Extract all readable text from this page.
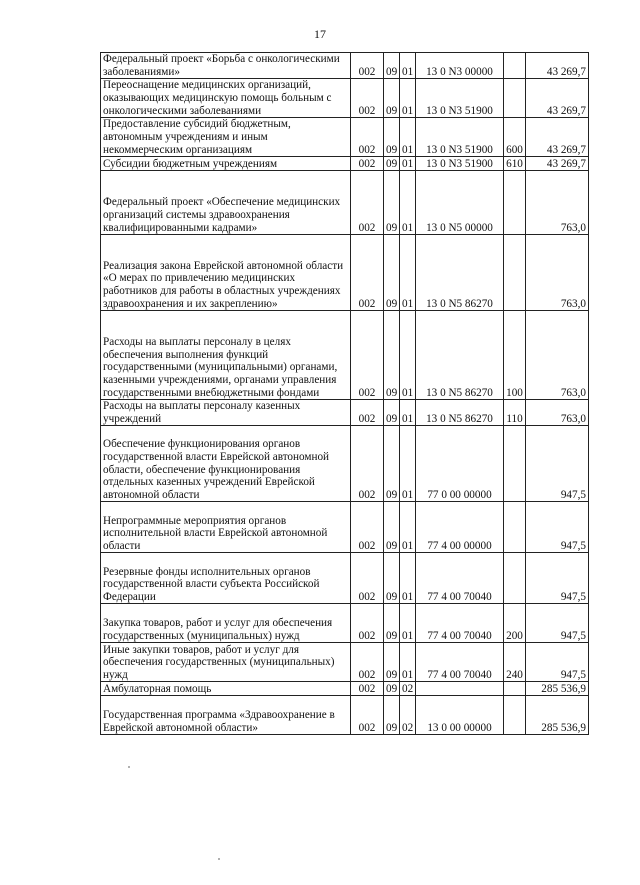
17
Федеральный проект «Борьба с онкологическими заболеваниями»	002	09	01	13 0 N3 00000		43 269,7
Переоснащение медицинских организаций, оказывающих медицинскую помощь больным с онкологическими заболеваниями	002	09	01	13 0 N3 51900		43 269,7
Предоставление субсидий бюджетным, автономным учреждениям и иным некоммерческим организациям	002	09	01	13 0 N3 51900	600	43 269,7
Субсидии бюджетным учреждениям	002	09	01	13 0 N3 51900	610	43 269,7
Федеральный проект «Обеспечение медицинских организаций системы здравоохранения квалифицированными кадрами»	002	09	01	13 0 N5 00000		763,0
Реализация закона Еврейской автономной области «О мерах по привлечению медицинских работников для работы в областных учреждениях здравоохранения и их закреплению»	002	09	01	13 0 N5 86270		763,0
Расходы на выплаты персоналу в целях обеспечения выполнения функций государственными (муниципальными) органами, казенными учреждениями, органами управления государственными внебюджетными фондами	002	09	01	13 0 N5 86270	100	763,0
Расходы на выплаты персоналу казенных учреждений	002	09	01	13 0 N5 86270	110	763,0
Обеспечение функционирования органов государственной власти Еврейской автономной области, обеспечение функционирования отдельных казенных учреждений Еврейской автономной области	002	09	01	77 0 00 00000		947,5
Непрограммные мероприятия органов исполнительной власти Еврейской автономной области	002	09	01	77 4 00 00000		947,5
Резервные фонды исполнительных органов государственной власти субъекта Российской Федерации	002	09	01	77 4 00 70040		947,5
Закупка товаров, работ и услуг для обеспечения государственных (муниципальных) нужд	002	09	01	77 4 00 70040	200	947,5
Иные закупки товаров, работ и услуг для обеспечения государственных (муниципальных) нужд	002	09	01	77 4 00 70040	240	947,5
Амбулаторная помощь	002	09	02			285 536,9
Государственная программа «Здравоохранение в Еврейской автономной области»	002	09	02	13 0 00 00000		285 536,9
